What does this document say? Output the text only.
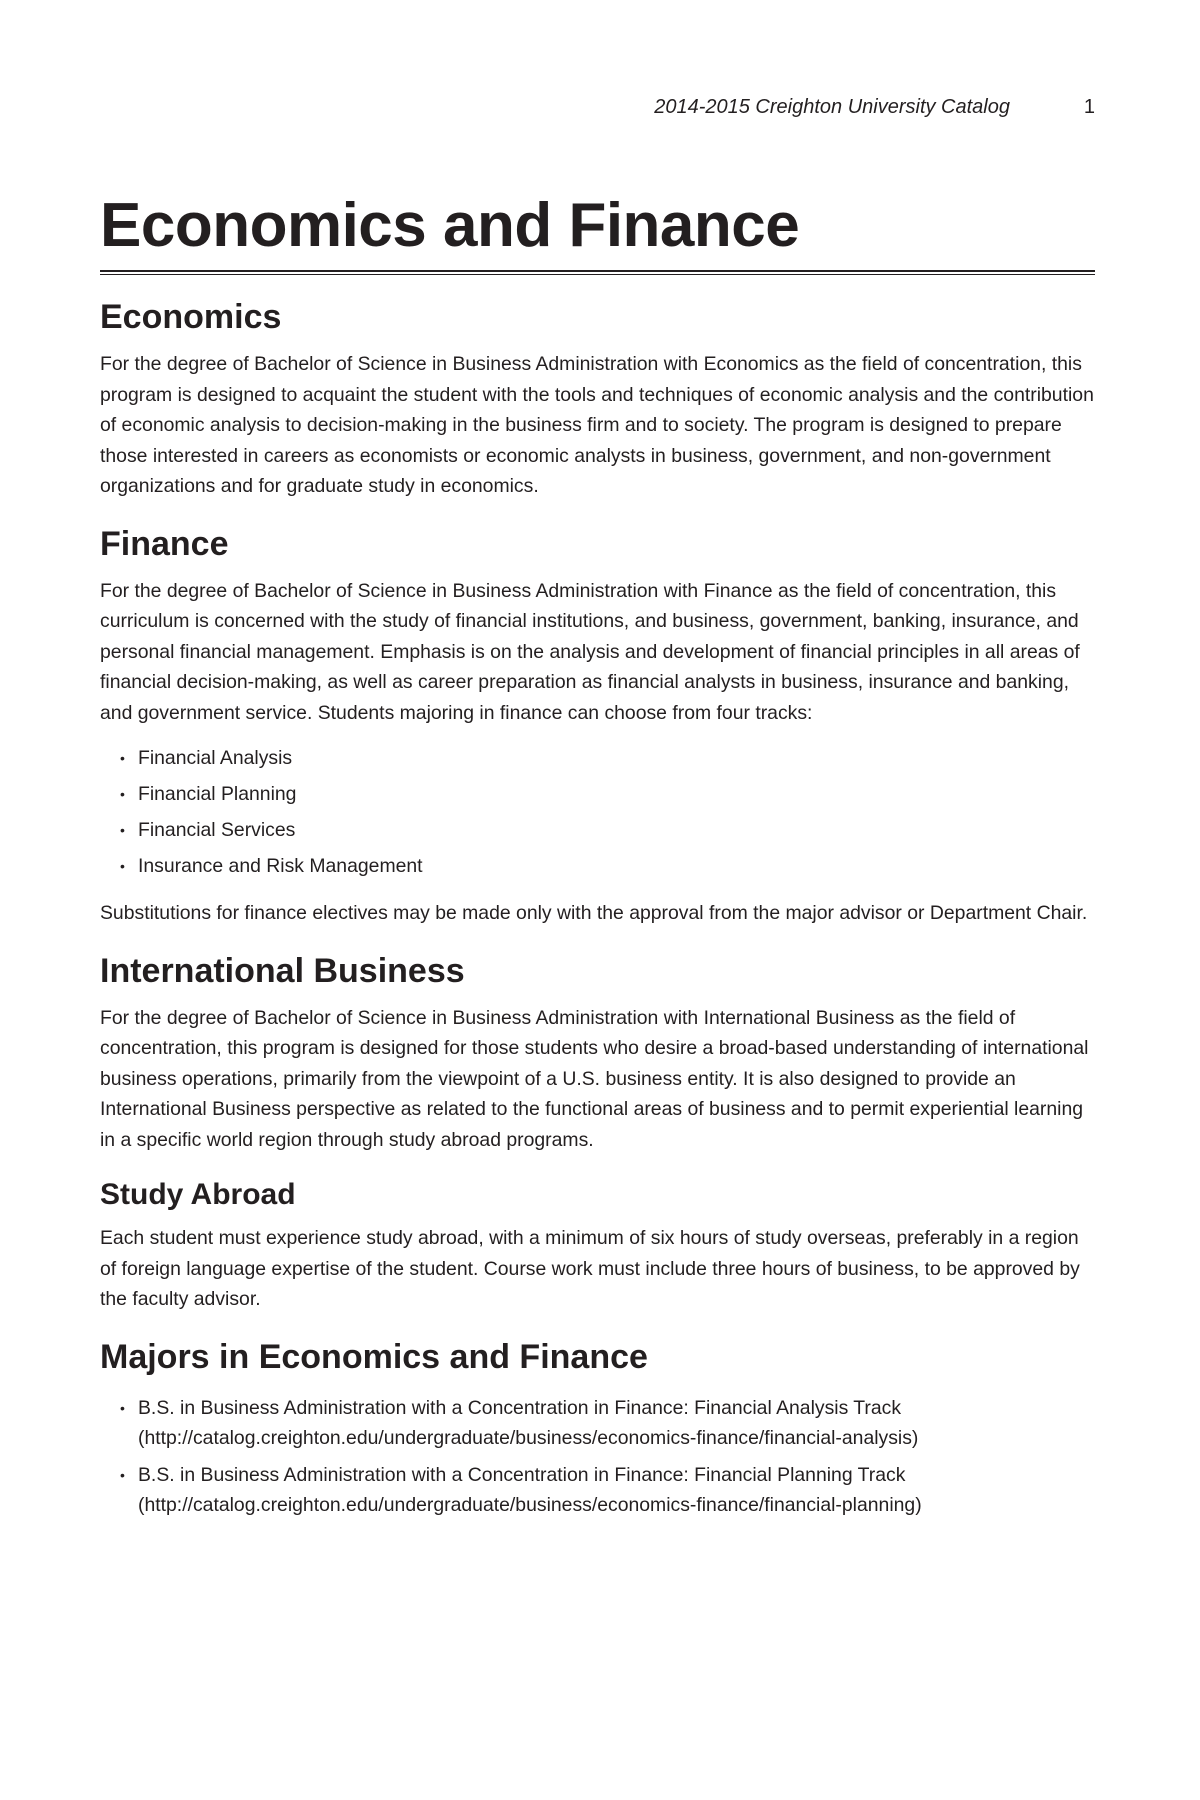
2014-2015 Creighton University Catalog	1
Economics and Finance
Economics

For the degree of Bachelor of Science in Business Administration with Economics as the field of concentration, this program is designed to acquaint the student with the tools and techniques of economic analysis and the contribution of economic analysis to decision-making in the business firm and to society. The program is designed to prepare those interested in careers as economists or economic analysts in business, government, and non-government organizations and for graduate study in economics.

Finance

For the degree of Bachelor of Science in Business Administration with Finance as the field of concentration, this curriculum is concerned with the study of financial institutions, and business, government, banking, insurance, and personal financial management. Emphasis is on the analysis and development of financial principles in all areas of financial decision-making, as well as career preparation as financial analysts in business, insurance and banking, and government service. Students majoring in finance can choose from four tracks:

• Financial Analysis
• Financial Planning
• Financial Services
• Insurance and Risk Management

Substitutions for finance electives may be made only with the approval from the major advisor or Department Chair.

International Business

For the degree of Bachelor of Science in Business Administration with International Business as the field of concentration, this program is designed for those students who desire a broad-based understanding of international business operations, primarily from the viewpoint of a U.S. business entity. It is also designed to provide an International Business perspective as related to the functional areas of business and to permit experiential learning in a specific world region through study abroad programs.

Study Abroad

Each student must experience study abroad, with a minimum of six hours of study overseas, preferably in a region of foreign language expertise of the student. Course work must include three hours of business, to be approved by the faculty advisor.

Majors in Economics and Finance
• B.S. in Business Administration with a Concentration in Finance: Financial Analysis Track (http://catalog.creighton.edu/undergraduate/business/economics-finance/financial-analysis)
• B.S. in Business Administration with a Concentration in Finance: Financial Planning Track (http://catalog.creighton.edu/undergraduate/business/economics-finance/financial-planning)
